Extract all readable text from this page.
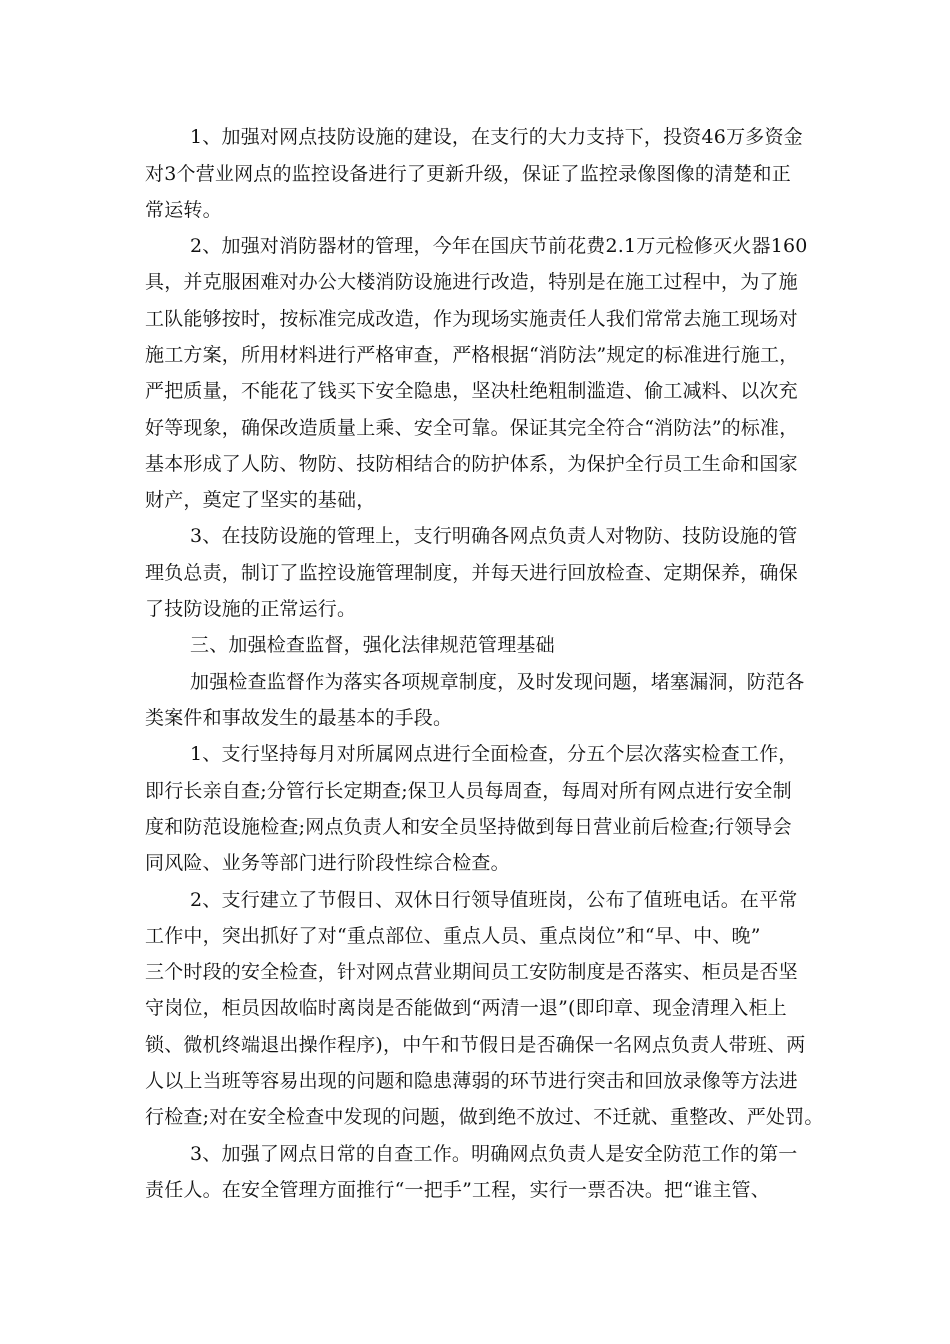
1、加强对网点技防设施的建设，在支行的大力支持下，投资46万多资金
对3个营业网点的监控设备进行了更新升级，保证了监控录像图像的清楚和正
常运转。
2、加强对消防器材的管理，今年在国庆节前花费2.1万元检修灭火器160
具，并克服困难对办公大楼消防设施进行改造，特别是在施工过程中，为了施
工队能够按时，按标准完成改造，作为现场实施责任人我们常常去施工现场对
施工方案，所用材料进行严格审查，严格根据“消防法”规定的标准进行施工，
严把质量，不能花了钱买下安全隐患，坚决杜绝粗制滥造、偷工减料、以次充
好等现象，确保改造质量上乘、安全可靠。保证其完全符合“消防法”的标准，
基本形成了人防、物防、技防相结合的防护体系，为保护全行员工生命和国家
财产，奠定了坚实的基础，
3、在技防设施的管理上，支行明确各网点负责人对物防、技防设施的管
理负总责，制订了监控设施管理制度，并每天进行回放检查、定期保养，确保
了技防设施的正常运行。
三、加强检查监督，强化法律规范管理基础
加强检查监督作为落实各项规章制度，及时发现问题，堵塞漏洞，防范各
类案件和事故发生的最基本的手段。
1、支行坚持每月对所属网点进行全面检查，分五个层次落实检查工作，
即行长亲自查;分管行长定期查;保卫人员每周查，每周对所有网点进行安全制
度和防范设施检查;网点负责人和安全员坚持做到每日营业前后检查;行领导会
同风险、业务等部门进行阶段性综合检查。
2、支行建立了节假日、双休日行领导值班岗，公布了值班电话。在平常
工作中，突出抓好了对“重点部位、重点人员、重点岗位”和“早、中、晚”
三个时段的安全检查，针对网点营业期间员工安防制度是否落实、柜员是否坚
守岗位，柜员因故临时离岗是否能做到“两清一退”(即印章、现金清理入柜上
锁、微机终端退出操作程序)，中午和节假日是否确保一名网点负责人带班、两
人以上当班等容易出现的问题和隐患薄弱的环节进行突击和回放录像等方法进
行检查;对在安全检查中发现的问题，做到绝不放过、不迁就、重整改、严处罚。
3、加强了网点日常的自查工作。明确网点负责人是安全防范工作的第一
责任人。在安全管理方面推行“一把手”工程，实行一票否决。把“谁主管、
